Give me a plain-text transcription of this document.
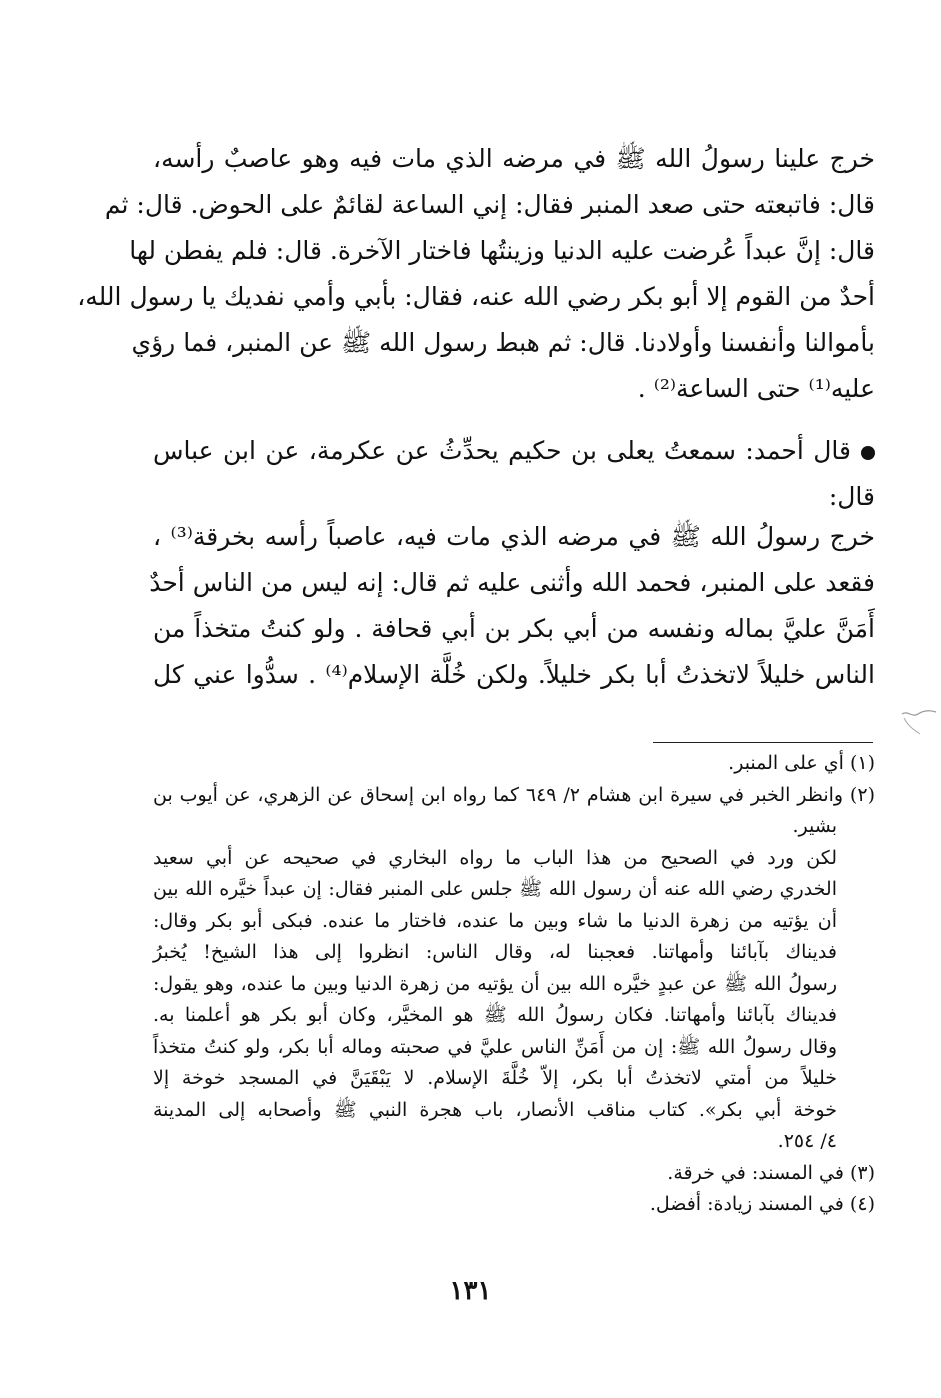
خرج علينا رسولُ الله ﷺ في مرضه الذي مات فيه وهو عاصبٌ رأسه،
قال: فاتبعته حتى صعد المنبر فقال: إني الساعة لقائمٌ على الحوض. قال: ثم
قال: إنَّ عبداً عُرضت عليه الدنيا وزينتُها فاختار الآخرة. قال: فلم يفطن لها
أحدٌ من القوم إلا أبو بكر رضي الله عنه، فقال: بأبي وأمي نفديك يا رسول الله،
بأموالنا وأنفسنا وأولادنا. قال: ثم هبط رسول الله ﷺ عن المنبر، فما رؤي
عليه⁽¹⁾ حتى الساعة⁽²⁾ .
قال أحمد: سمعتُ يعلى بن حكيم يحدِّثُ عن عكرمة، عن ابن عباس
قال:
خرج رسولُ الله ﷺ في مرضه الذي مات فيه، عاصباً رأسه بخرقة⁽³⁾ ،
فقعد على المنبر، فحمد الله وأثنى عليه ثم قال: إنه ليس من الناس أحدٌ
أَمَنَّ عليَّ بماله ونفسه من أبي بكر بن أبي قحافة . ولو كنتُ متخذاً من
الناس خليلاً لاتخذتُ أبا بكر خليلاً. ولكن خُلَّة الإسلام⁽⁴⁾ . سدُّوا عني كل
(١) أي على المنبر.
(٢) وانظر الخبر في سيرة ابن هشام ٢/ ٦٤٩ كما رواه ابن إسحاق عن الزهري، عن أيوب بن
بشير.
لكن ورد في الصحيح من هذا الباب ما رواه البخاري في صحيحه عن أبي سعيد
الخدري رضي الله عنه أن رسول الله ﷺ جلس على المنبر فقال: إن عبداً خيَّره الله بين
أن يؤتيه من زهرة الدنيا ما شاء وبين ما عنده، فاختار ما عنده. فبكى أبو بكر وقال:
فديناك بآبائنا وأمهاتنا. فعجبنا له، وقال الناس: انظروا إلى هذا الشيخ! يُخبرُ
رسولُ الله ﷺ عن عبدٍ خيَّره الله بين أن يؤتيه من زهرة الدنيا وبين ما عنده، وهو يقول:
فديناك بآبائنا وأمهاتنا. فكان رسولُ الله ﷺ هو المخيَّر، وكان أبو بكر هو أعلمنا به.
وقال رسولُ الله ﷺ: إن من أَمَنِّ الناس عليَّ في صحبته وماله أبا بكر، ولو كنتُ متخذاً
خليلاً من أمتي لاتخذتُ أبا بكر، إلاّ خُلَّةَ الإسلام. لا يَبْقَيَنَّ في المسجد خوخة إلا
خوخة أبي بكر». كتاب مناقب الأنصار، باب هجرة النبي ﷺ وأصحابه إلى المدينة
٤/ ٢٥٤.
(٣) في المسند: في خرقة.
(٤) في المسند زيادة: أفضل.
١٣١
